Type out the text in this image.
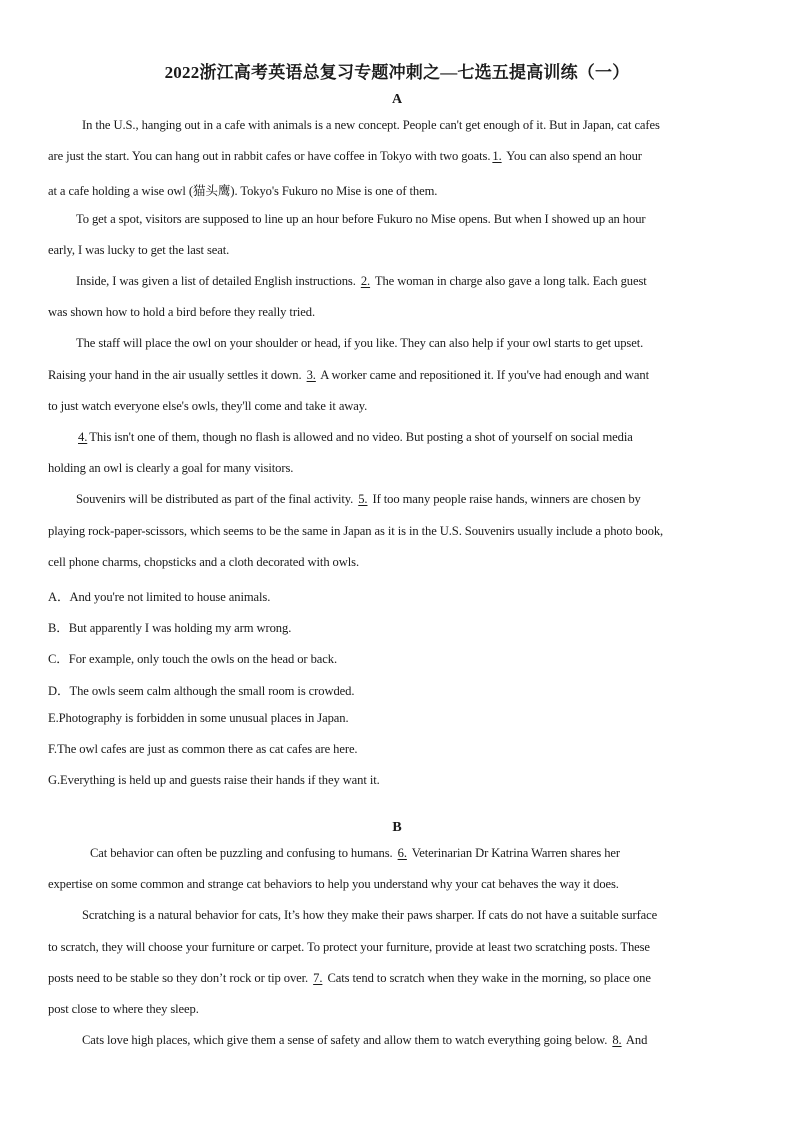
2022浙江高考英语总复习专题冲刺之—七选五提高训练（一）
A
In the U.S., hanging out in a cafe with animals is a new concept. People can't get enough of it. But in Japan, cat cafes
are just the start. You can hang out in rabbit cafes or have coffee in Tokyo with two goats. 1. You can also spend an hour
at a cafe holding a wise owl (猫头鹰). Tokyo's Fukuro no Mise is one of them.
To get a spot, visitors are supposed to line up an hour before Fukuro no Mise opens. But when I showed up an hour
early, I was lucky to get the last seat.
Inside, I was given a list of detailed English instructions. 2. The woman in charge also gave a long talk. Each guest
was shown how to hold a bird before they really tried.
The staff will place the owl on your shoulder or head, if you like. They can also help if your owl starts to get upset.
Raising your hand in the air usually settles it down. 3. A worker came and repositioned it. If you've had enough and want
to just watch everyone else's owls, they'll come and take it away.
4. This isn't one of them, though no flash is allowed and no video. But posting a shot of yourself on social media
holding an owl is clearly a goal for many visitors.
Souvenirs will be distributed as part of the final activity. 5. If too many people raise hands, winners are chosen by
playing rock-paper-scissors, which seems to be the same in Japan as it is in the U.S. Souvenirs usually include a photo book,
cell phone charms, chopsticks and a cloth decorated with owls.
A．And you're not limited to house animals.
B．But apparently I was holding my arm wrong.
C．For example, only touch the owls on the head or back.
D．The owls seem calm although the small room is crowded.
E.Photography is forbidden in some unusual places in Japan.
F.The owl cafes are just as common there as cat cafes are here.
G.Everything is held up and guests raise their hands if they want it.
B
Cat behavior can often be puzzling and confusing to humans. 6. Veterinarian Dr Katrina Warren shares her
expertise on some common and strange cat behaviors to help you understand why your cat behaves the way it does.
Scratching is a natural behavior for cats, It’s how they make their paws sharper. If cats do not have a suitable surface
to scratch, they will choose your furniture or carpet. To protect your furniture, provide at least two scratching posts. These
posts need to be stable so they don’t rock or tip over. 7. Cats tend to scratch when they wake in the morning, so place one
post close to where they sleep.
Cats love high places, which give them a sense of safety and allow them to watch everything going below. 8. And
